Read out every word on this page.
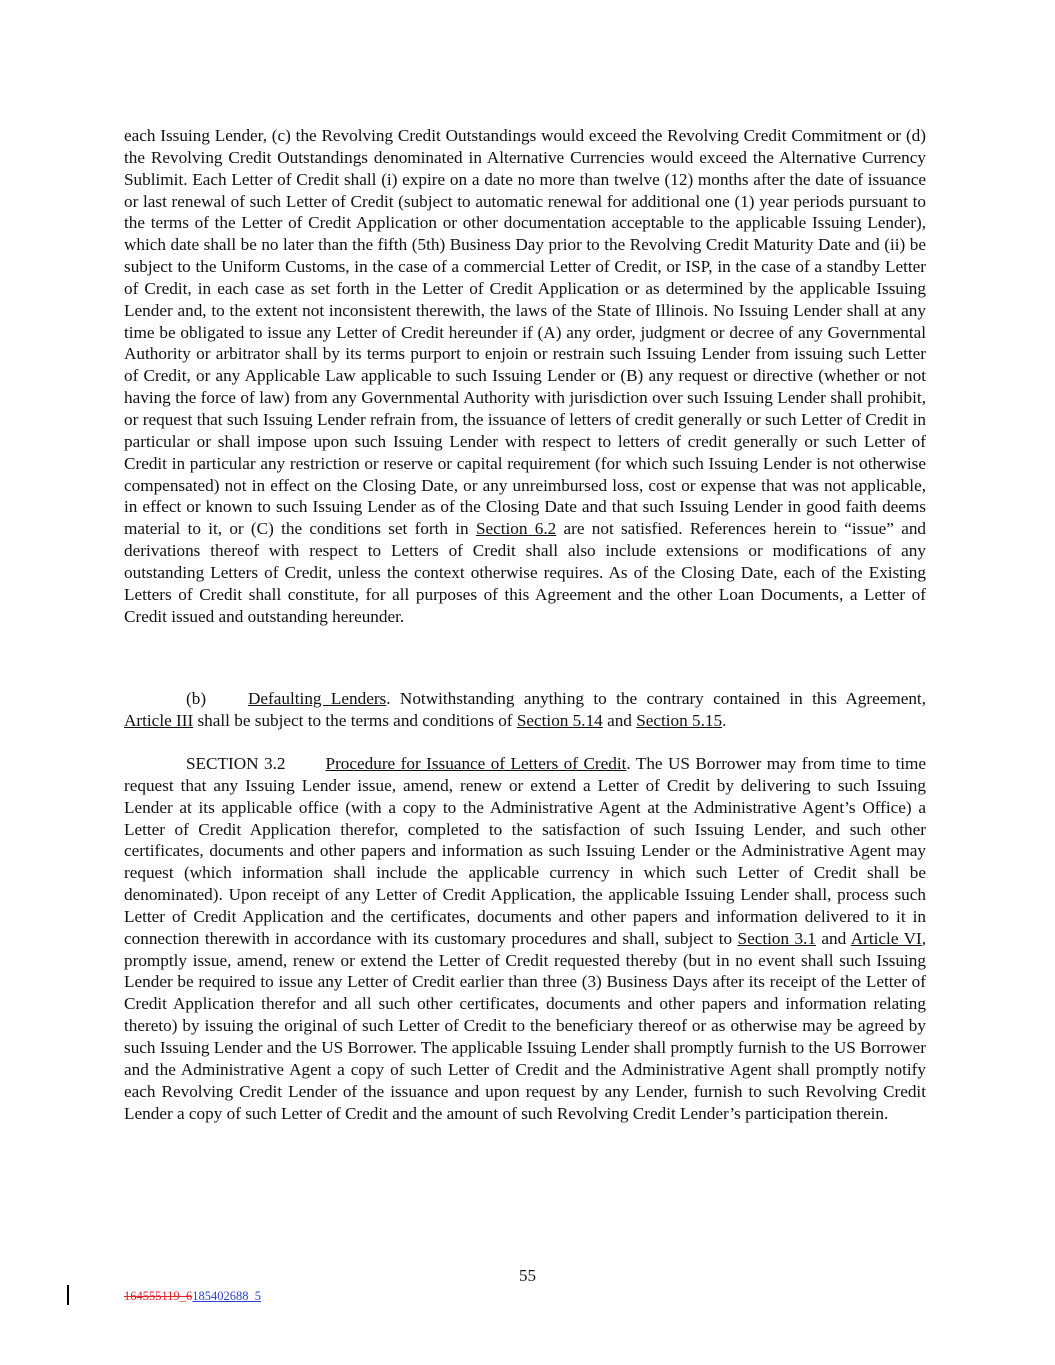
each Issuing Lender, (c) the Revolving Credit Outstandings would exceed the Revolving Credit Commitment or (d) the Revolving Credit Outstandings denominated in Alternative Currencies would exceed the Alternative Currency Sublimit. Each Letter of Credit shall (i) expire on a date no more than twelve (12) months after the date of issuance or last renewal of such Letter of Credit (subject to automatic renewal for additional one (1) year periods pursuant to the terms of the Letter of Credit Application or other documentation acceptable to the applicable Issuing Lender), which date shall be no later than the fifth (5th) Business Day prior to the Revolving Credit Maturity Date and (ii) be subject to the Uniform Customs, in the case of a commercial Letter of Credit, or ISP, in the case of a standby Letter of Credit, in each case as set forth in the Letter of Credit Application or as determined by the applicable Issuing Lender and, to the extent not inconsistent therewith, the laws of the State of Illinois. No Issuing Lender shall at any time be obligated to issue any Letter of Credit hereunder if (A) any order, judgment or decree of any Governmental Authority or arbitrator shall by its terms purport to enjoin or restrain such Issuing Lender from issuing such Letter of Credit, or any Applicable Law applicable to such Issuing Lender or (B) any request or directive (whether or not having the force of law) from any Governmental Authority with jurisdiction over such Issuing Lender shall prohibit, or request that such Issuing Lender refrain from, the issuance of letters of credit generally or such Letter of Credit in particular or shall impose upon such Issuing Lender with respect to letters of credit generally or such Letter of Credit in particular any restriction or reserve or capital requirement (for which such Issuing Lender is not otherwise compensated) not in effect on the Closing Date, or any unreimbursed loss, cost or expense that was not applicable, in effect or known to such Issuing Lender as of the Closing Date and that such Issuing Lender in good faith deems material to it, or (C) the conditions set forth in Section 6.2 are not satisfied. References herein to “issue” and derivations thereof with respect to Letters of Credit shall also include extensions or modifications of any outstanding Letters of Credit, unless the context otherwise requires. As of the Closing Date, each of the Existing Letters of Credit shall constitute, for all purposes of this Agreement and the other Loan Documents, a Letter of Credit issued and outstanding hereunder.

(b) Defaulting Lenders. Notwithstanding anything to the contrary contained in this Agreement, Article III shall be subject to the terms and conditions of Section 5.14 and Section 5.15.

SECTION 3.2 Procedure for Issuance of Letters of Credit. The US Borrower may from time to time request that any Issuing Lender issue, amend, renew or extend a Letter of Credit by delivering to such Issuing Lender at its applicable office (with a copy to the Administrative Agent at the Administrative Agent’s Office) a Letter of Credit Application therefor, completed to the satisfaction of such Issuing Lender, and such other certificates, documents and other papers and information as such Issuing Lender or the Administrative Agent may request (which information shall include the applicable currency in which such Letter of Credit shall be denominated). Upon receipt of any Letter of Credit Application, the applicable Issuing Lender shall, process such Letter of Credit Application and the certificates, documents and other papers and information delivered to it in connection therewith in accordance with its customary procedures and shall, subject to Section 3.1 and Article VI, promptly issue, amend, renew or extend the Letter of Credit requested thereby (but in no event shall such Issuing Lender be required to issue any Letter of Credit earlier than three (3) Business Days after its receipt of the Letter of Credit Application therefor and all such other certificates, documents and other papers and information relating thereto) by issuing the original of such Letter of Credit to the beneficiary thereof or as otherwise may be agreed by such Issuing Lender and the US Borrower. The applicable Issuing Lender shall promptly furnish to the US Borrower and the Administrative Agent a copy of such Letter of Credit and the Administrative Agent shall promptly notify each Revolving Credit Lender of the issuance and upon request by any Lender, furnish to such Revolving Credit Lender a copy of such Letter of Credit and the amount of such Revolving Credit Lender’s participation therein.

55
164555119_6185402688_5
